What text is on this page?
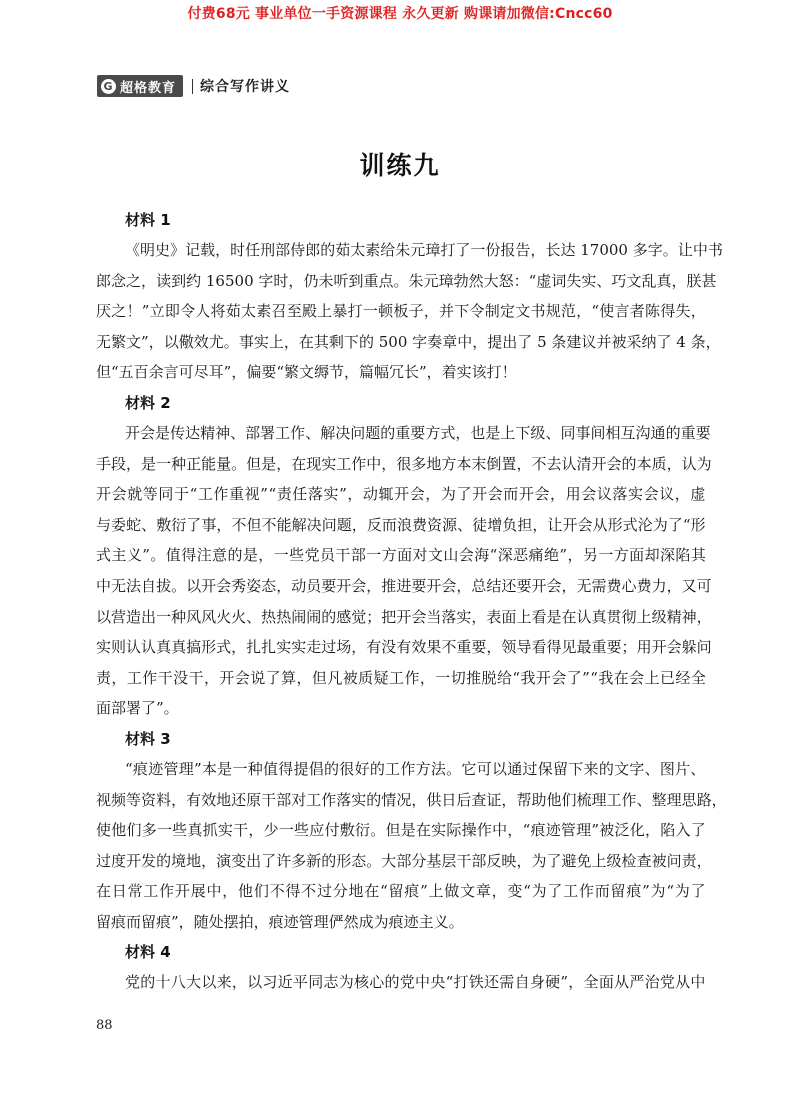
付费68元 事业单位一手资源课程 永久更新 购课请加微信:Cncc60
G 超格教育 综合写作讲义
训练九
材料 1
《 明 史 》 记 载 ， 时 任 刑 部 侍 郎 的 茹 太 素 给 朱 元 璋 打 了 一 份 报 告 ， 长 达
17000
多 字 。 让 中 书
郎 念 之 ， 读 到 约
16500
字 时 ， 仍 未 听 到 重 点 。 朱 元 璋 勃 然 大 怒 ： “ 虚 词 失 实 、 巧 文 乱 真 ， 朕 甚
厌 之 ！ ” 立 即 令 人 将 茹 太 素 召 至 殿 上 暴 打 一 顿 板 子 ， 并 下 令 制 定 文 书 规 范 ， “ 使 言 者 陈 得 失 ，
无 繁 文 ” ， 以 儆 效 尤 。 事 实 上 ， 在 其 剩 下 的
500
字 奏 章 中 ， 提 出 了
5
条 建 议 并 被 采 纳 了
4
条 ，
但“五百余言可尽耳”，偏要“繁文缛节，篇幅冗长”，着实该打！
材料 2
开 会 是 传 达 精 神 、 部 署 工 作 、 解 决 问 题 的 重 要 方 式 ， 也 是 上 下 级 、 同 事 间 相 互 沟 通 的 重 要
手 段 ， 是 一 种 正 能 量 。 但 是 ， 在 现 实 工 作 中 ， 很 多 地 方 本 末 倒 置 ， 不 去 认 清 开 会 的 本 质 ， 认 为
开 会 就 等 同 于 “ 工 作 重 视 ” “ 责 任 落 实 ” ， 动 辄 开 会 ， 为 了 开 会 而 开 会 ， 用 会 议 落 实 会 议 ， 虚
与 委 蛇 、 敷 衍 了 事 ， 不 但 不 能 解 决 问 题 ， 反 而 浪 费 资 源 、 徒 增 负 担 ， 让 开 会 从 形 式 沦 为 了 “ 形
式 主 义 ” 。 值 得 注 意 的 是 ， 一 些 党 员 干 部 一 方 面 对 文 山 会 海 “ 深 恶 痛 绝 ” ， 另 一 方 面 却 深 陷 其
中 无 法 自 拔 。 以 开 会 秀 姿 态 ， 动 员 要 开 会 ， 推 进 要 开 会 ， 总 结 还 要 开 会 ， 无 需 费 心 费 力 ， 又 可
以 营 造 出 一 种 风 风 火 火 、 热 热 闹 闹 的 感 觉 ； 把 开 会 当 落 实 ， 表 面 上 看 是 在 认 真 贯 彻 上 级 精 神 ，
实 则 认 认 真 真 搞 形 式 ， 扎 扎 实 实 走 过 场 ， 有 没 有 效 果 不 重 要 ， 领 导 看 得 见 最 重 要 ； 用 开 会 躲 问
责 ， 工 作 干 没 干 ， 开 会 说 了 算 ， 但 凡 被 质 疑 工 作 ， 一 切 推 脱 给 “ 我 开 会 了 ” “ 我 在 会 上 已 经 全
面部署了”。
材料 3
“ 痕 迹 管 理 ” 本 是 一 种 值 得 提 倡 的 很 好 的 工 作 方 法 。 它 可 以 通 过 保 留 下 来 的 文 字 、 图 片 、
视 频 等 资 料 ， 有 效 地 还 原 干 部 对 工 作 落 实 的 情 况 ， 供 日 后 查 证 ， 帮 助 他 们 梳 理 工 作 、 整 理 思 路 ，
使 他 们 多 一 些 真 抓 实 干 ， 少 一 些 应 付 敷 衍 。 但 是 在 实 际 操 作 中 ， “ 痕 迹 管 理 ” 被 泛 化 ， 陷 入 了
过 度 开 发 的 境 地 ， 演 变 出 了 许 多 新 的 形 态 。 大 部 分 基 层 干 部 反 映 ， 为 了 避 免 上 级 检 查 被 问 责 ，
在 日 常 工 作 开 展 中 ， 他 们 不 得 不 过 分 地 在 “ 留 痕 ” 上 做 文 章 ， 变 “ 为 了 工 作 而 留 痕 ” 为 “ 为 了
留痕而留痕”，随处摆拍，痕迹管理俨然成为痕迹主义。
材料 4
党 的 十 八 大 以 来 ， 以 习 近 平 同 志 为 核 心 的 党 中 央 “ 打 铁 还 需 自 身 硬 ” ， 全 面 从 严 治 党 从 中
88
